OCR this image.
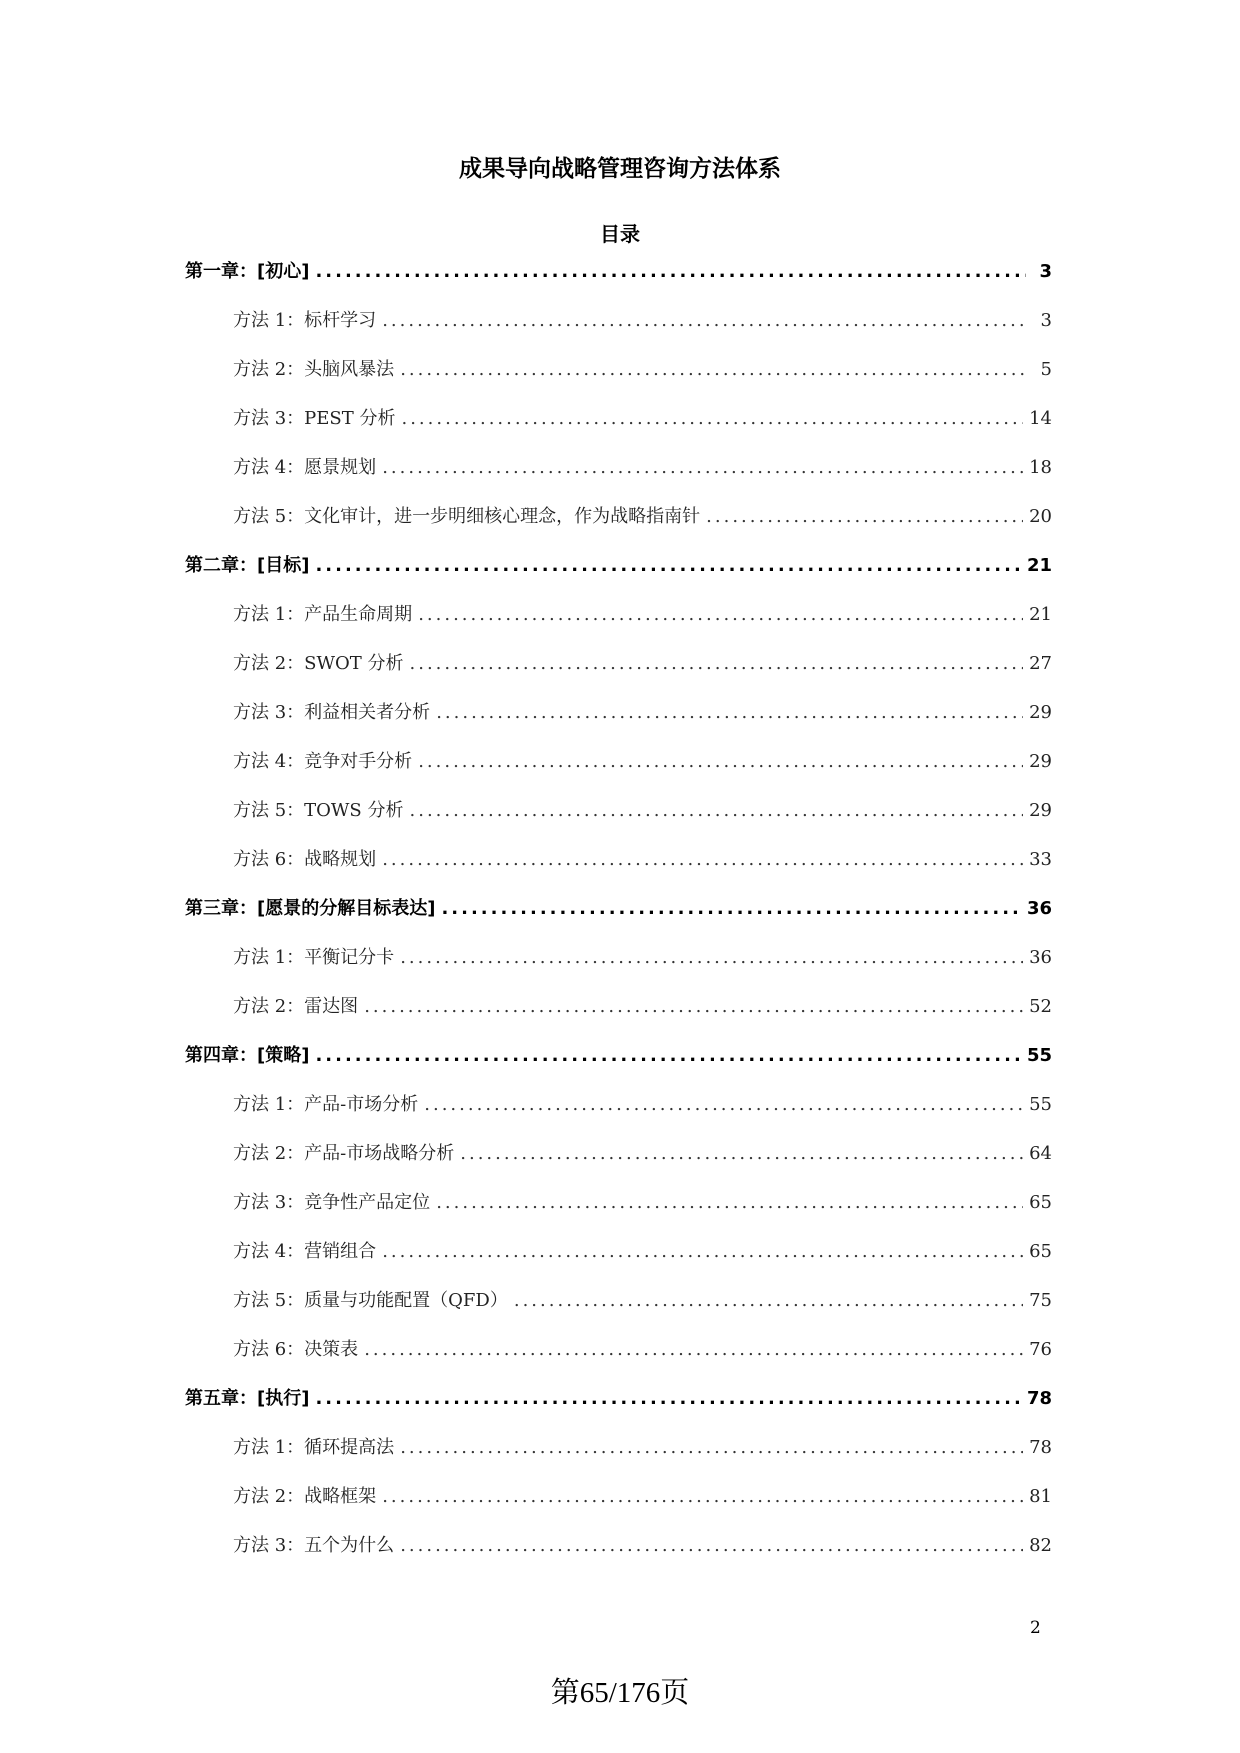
成果导向战略管理咨询方法体系
目录
第一章：[初心] .....	3
方法 1：标杆学习 .....	3
方法 2：头脑风暴法 .....	5
方法 3：PEST 分析 .....	14
方法 4：愿景规划 .....	18
方法 5：文化审计，进一步明细核心理念，作为战略指南针 .....	20
第二章：[目标] .....	21
方法 1：产品生命周期 .....	21
方法 2：SWOT 分析 .....	27
方法 3：利益相关者分析 .....	29
方法 4：竞争对手分析 .....	29
方法 5：TOWS 分析 .....	29
方法 6：战略规划 .....	33
第三章：[愿景的分解目标表达] .....	36
方法 1：平衡记分卡 .....	36
方法 2：雷达图 .....	52
第四章：[策略] .....	55
方法 1：产品-市场分析 .....	55
方法 2：产品-市场战略分析 .....	64
方法 3：竞争性产品定位 .....	65
方法 4：营销组合 .....	65
方法 5：质量与功能配置（QFD） .....	75
方法 6：决策表 .....	76
第五章：[执行] .....	78
方法 1：循环提高法 .....	78
方法 2：战略框架 .....	81
方法 3：五个为什么 .....	82
2
第65/176页
